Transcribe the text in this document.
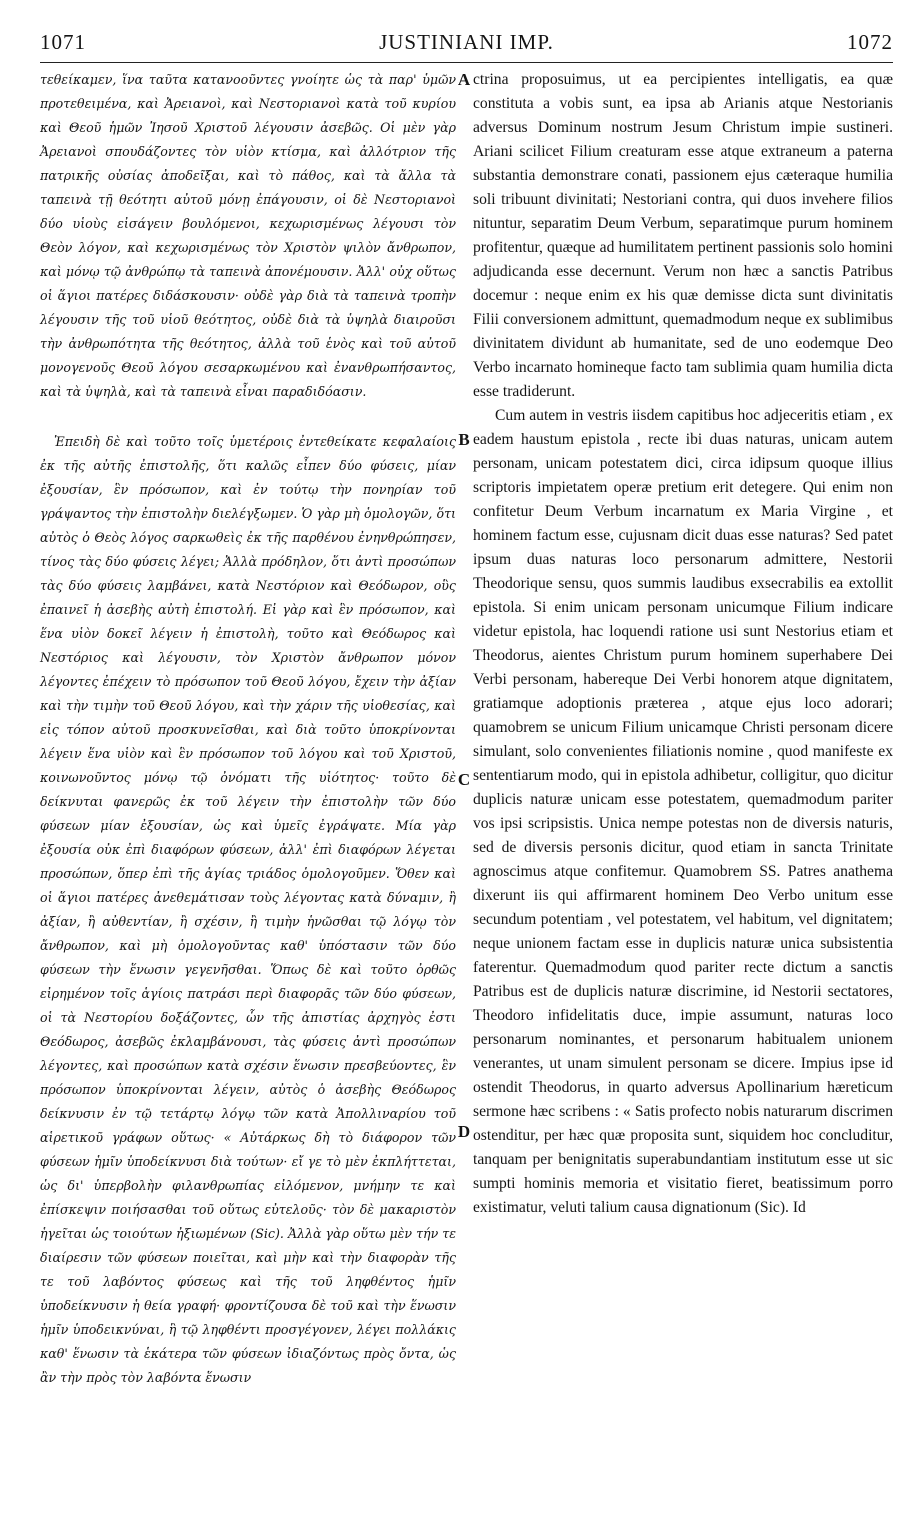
1071	JUSTINIANI IMP.	1072

τεθείκαμεν, ἵνα ταῦτα κατανοοῦντες γνοίητε ὡς τὰ παρ' ὑμῶν προτεθειμένα, καὶ Ἀρειανοὶ, καὶ Νεστοριανοὶ κατὰ τοῦ κυρίου καὶ Θεοῦ ἡμῶν Ἰησοῦ Χριστοῦ λέγουσιν ἀσεβῶς. Οἱ μὲν γὰρ Ἀρειανοὶ σπουδάζοντες τὸν υἱὸν κτίσμα, καὶ ἀλλότριον τῆς πατρικῆς οὐσίας ἀποδεῖξαι, καὶ τὸ πάθος, καὶ τὰ ἄλλα τὰ ταπεινὰ τῇ θεότητι αὐτοῦ μόνῃ ἐπάγουσιν, οἱ δὲ Νεστοριανοὶ δύο υἱοὺς εἰσάγειν βουλόμενοι, κεχωρισμένως λέγουσι τὸν Θεὸν λόγον, καὶ κεχωρισμένως τὸν Χριστὸν ψιλὸν ἄνθρωπον, καὶ μόνῳ τῷ ἀνθρώπῳ τὰ ταπεινὰ ἀπονέμουσιν. Ἀλλ' οὐχ οὕτως οἱ ἅγιοι πατέρες διδάσκουσιν· οὐδὲ γὰρ διὰ τὰ ταπεινὰ τροπὴν λέγουσιν τῆς τοῦ υἱοῦ θεότητος, οὐδὲ διὰ τὰ ὑψηλὰ διαιροῦσι τὴν ἀνθρωπότητα τῆς θεότητος, ἀλλὰ τοῦ ἑνὸς καὶ τοῦ αὐτοῦ μονογενοῦς Θεοῦ λόγου σεσαρκωμένου καὶ ἐνανθρωπήσαντος, καὶ τὰ ὑψηλὰ, καὶ τὰ ταπεινὰ εἶναι παραδιδόασιν.

Ἐπειδὴ δὲ καὶ τοῦτο τοῖς ὑμετέροις ἐντεθείκατε κεφαλαίοις ἐκ τῆς αὐτῆς ἐπιστολῆς, ὅτι καλῶς εἶπεν δύο φύσεις, μίαν ἐξουσίαν, ἓν πρόσωπον, καὶ ἐν τούτῳ τὴν πονηρίαν τοῦ γράψαντος τὴν ἐπιστολὴν διελέγξωμεν. Ὁ γὰρ μὴ ὁμολογῶν, ὅτι αὐτὸς ὁ Θεὸς λόγος σαρκωθεὶς ἐκ τῆς παρθένου ἐνηνθρώπησεν, τίνος τὰς δύο φύσεις λέγει; Ἀλλὰ πρόδηλον, ὅτι ἀντὶ προσώπων τὰς δύο φύσεις λαμβάνει, κατὰ Νεστόριον καὶ Θεόδωρον, οὓς ἐπαινεῖ ἡ ἀσεβὴς αὐτὴ ἐπιστολή. Εἰ γὰρ καὶ ἓν πρόσωπον, καὶ ἕνα υἱὸν δοκεῖ λέγειν ἡ ἐπιστολὴ, τοῦτο καὶ Θεόδωρος καὶ Νεστόριος καὶ λέγουσιν, τὸν Χριστὸν ἄνθρωπον μόνον λέγοντες ἐπέχειν τὸ πρόσωπον τοῦ Θεοῦ λόγου, ἔχειν τὴν ἀξίαν καὶ τὴν τιμὴν τοῦ Θεοῦ λόγου, καὶ τὴν χάριν τῆς υἱοθεσίας, καὶ εἰς τόπον αὐτοῦ προσκυνεῖσθαι, καὶ διὰ τοῦτο ὑποκρίνονται λέγειν ἕνα υἱὸν καὶ ἓν πρόσωπον τοῦ λόγου καὶ τοῦ Χριστοῦ, κοινωνοῦντος μόνῳ τῷ ὀνόματι τῆς υἱότητος· τοῦτο δὲ δείκνυται φανερῶς ἐκ τοῦ λέγειν τὴν ἐπιστολὴν τῶν δύο φύσεων μίαν ἐξουσίαν, ὡς καὶ ὑμεῖς ἐγράψατε. Μία γὰρ ἐξουσία οὐκ ἐπὶ διαφόρων φύσεων, ἀλλ' ἐπὶ διαφόρων λέγεται προσώπων, ὅπερ ἐπὶ τῆς ἁγίας τριάδος ὁμολογοῦμεν. Ὅθεν καὶ οἱ ἅγιοι πατέρες ἀνεθεμάτισαν τοὺς λέγοντας κατὰ δύναμιν, ἢ ἀξίαν, ἢ αὐθεντίαν, ἢ σχέσιν, ἢ τιμὴν ἡνῶσθαι τῷ λόγῳ τὸν ἄνθρωπον, καὶ μὴ ὁμολογοῦντας καθ' ὑπόστασιν τῶν δύο φύσεων τὴν ἕνωσιν γεγενῆσθαι. Ὅπως δὲ καὶ τοῦτο ὀρθῶς εἰρημένον τοῖς ἁγίοις πατράσι περὶ διαφορᾶς τῶν δύο φύσεων, οἱ τὰ Νεστορίου δοξάζοντες, ὧν τῆς ἀπιστίας ἀρχηγὸς ἐστι Θεόδωρος, ἀσεβῶς ἐκλαμβάνουσι, τὰς φύσεις ἀντὶ προσώπων λέγοντες, καὶ προσώπων κατὰ σχέσιν ἕνωσιν πρεσβεύοντες, ἓν πρόσωπον ὑποκρίνονται λέγειν, αὐτὸς ὁ ἀσεβὴς Θεόδωρος δείκνυσιν ἐν τῷ τετάρτῳ λόγῳ τῶν κατὰ Ἀπολλιναρίου τοῦ αἱρετικοῦ γράφων οὕτως· « Αὐτάρκως δὴ τὸ διάφορον τῶν φύσεων ἡμῖν ὑποδείκνυσι διὰ τούτων· εἴ γε τὸ μὲν ἐκπλήττεται, ὡς δι' ὑπερβολὴν φιλανθρωπίας εἰλόμενον, μνήμην τε καὶ ἐπίσκεψιν ποιήσασθαι τοῦ οὕτως εὐτελοῦς· τὸν δὲ μακαριστὸν ἡγεῖται ὡς τοιούτων ἠξιωμένων (Sic). Ἀλλὰ γὰρ οὕτω μὲν τήν τε διαίρεσιν τῶν φύσεων ποιεῖται, καὶ μὴν καὶ τὴν διαφορὰν τῆς τε τοῦ λαβόντος φύσεως καὶ τῆς τοῦ ληφθέντος ἡμῖν ὑποδείκνυσιν ἡ θεία γραφή· φροντίζουσα δὲ τοῦ καὶ τὴν ἕνωσιν ἡμῖν ὑποδεικνύναι, ἣ τῷ ληφθέντι προσγέγονεν, λέγει πολλάκις καθ' ἕνωσιν τὰ ἑκάτερα τῶν φύσεων ἰδιαζόντως πρὸς ὄντα, ὡς ἂν τὴν πρὸς τὸν λαβόντα ἕνωσιν

ctrina proposuimus, ut ea percipientes intelligatis, ea quæ constituta a vobis sunt, ea ipsa ab Arianis atque Nestorianis adversus Dominum nostrum Jesum Christum impie sustineri. Ariani scilicet Filium creaturam esse atque extraneum a paterna substantia demonstrare conati, passionem ejus cæteraque humilia soli tribuunt divinitati; Nestoriani contra, qui duos invehere filios nituntur, separatim Deum Verbum, separatimque purum hominem profitentur, quæque ad humilitatem pertinent passionis solo homini adjudicanda esse decernunt. Verum non hæc a sanctis Patribus docemur : neque enim ex his quæ demisse dicta sunt divinitatis Filii conversionem admittunt, quemadmodum neque ex sublimibus divinitatem dividunt ab humanitate, sed de uno eodemque Deo Verbo incarnato homineque facto tam sublimia quam humilia dicta esse tradiderunt.

Cum autem in vestris iisdem capitibus hoc adjeceritis etiam , ex eadem haustum epistola , recte ibi duas naturas, unicam autem personam, unicam potestatem dici, circa idipsum quoque illius scriptoris impietatem operæ pretium erit detegere. Qui enim non confitetur Deum Verbum incarnatum ex Maria Virgine , et hominem factum esse, cujusnam dicit duas esse naturas? Sed patet ipsum duas naturas loco personarum admittere, Nestorii Theodorique sensu, quos summis laudibus exsecrabilis ea extollit epistola. Si enim unicam personam unicumque Filium indicare videtur epistola, hac loquendi ratione usi sunt Nestorius etiam et Theodorus, aientes Christum purum hominem superhabere Dei Verbi personam, habereque Dei Verbi honorem atque dignitatem, gratiamque adoptionis præterea , atque ejus loco adorari; quamobrem se unicum Filium unicamque Christi personam dicere simulant, solo convenientes filiationis nomine , quod manifeste ex sententiarum modo, qui in epistola adhibetur, colligitur, quo dicitur duplicis naturæ unicam esse potestatem, quemadmodum pariter vos ipsi scripsistis. Unica nempe potestas non de diversis naturis, sed de diversis personis dicitur, quod etiam in sancta Trinitate agnoscimus atque confitemur. Quamobrem SS. Patres anathema dixerunt iis qui affirmarent hominem Deo Verbo unitum esse secundum potentiam , vel potestatem, vel habitum, vel dignitatem; neque unionem factam esse in duplicis naturæ unica subsistentia faterentur. Quemadmodum quod pariter recte dictum a sanctis Patribus est de duplicis naturæ discrimine, id Nestorii sectatores, Theodoro infidelitatis duce, impie assumunt, naturas loco personarum nominantes, et personarum habitualem unionem venerantes, ut unam simulent personam se dicere. Impius ipse id ostendit Theodorus, in quarto adversus Apollinarium hæreticum sermone hæc scribens : « Satis profecto nobis naturarum discrimen ostenditur, per hæc quæ proposita sunt, siquidem hoc concluditur, tanquam per benignitatis superabundantiam institutum esse ut sic sumpti hominis memoria et visitatio fieret, beatissimum porro existimatur, veluti talium causa dignationum (Sic). Id

A
B
C
D
